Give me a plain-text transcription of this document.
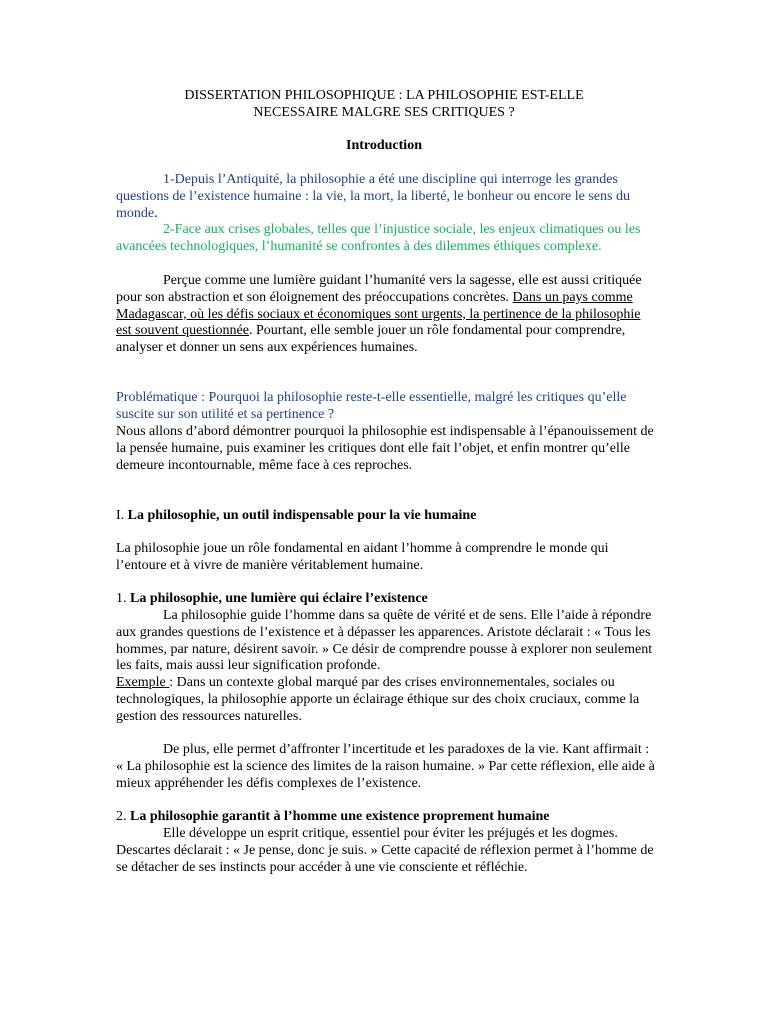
DISSERTATION PHILOSOPHIQUE : LA PHILOSOPHIE EST-ELLE
NECESSAIRE MALGRE SES CRITIQUES ?
Introduction

1-Depuis l’Antiquité, la philosophie a été une discipline qui interroge les grandes questions de l’existence humaine : la vie, la mort, la liberté, le bonheur ou encore le sens du monde.

2-Face aux crises globales, telles que l’injustice sociale, les enjeux climatiques ou les avancées technologiques, l’humanité se confrontes à des dilemmes éthiques complexe.

Perçue comme une lumière guidant l’humanité vers la sagesse, elle est aussi critiquée pour son abstraction et son éloignement des préoccupations concrètes. Dans un pays comme Madagascar, où les défis sociaux et économiques sont urgents, la pertinence de la philosophie est souvent questionnée. Pourtant, elle semble jouer un rôle fondamental pour comprendre, analyser et donner un sens aux expériences humaines.

Problématique : Pourquoi la philosophie reste-t-elle essentielle, malgré les critiques qu’elle suscite sur son utilité et sa pertinence ?

Nous allons d’abord démontrer pourquoi la philosophie est indispensable à l’épanouissement de la pensée humaine, puis examiner les critiques dont elle fait l’objet, et enfin montrer qu’elle demeure incontournable, même face à ces reproches.

I. La philosophie, un outil indispensable pour la vie humaine

La philosophie joue un rôle fondamental en aidant l’homme à comprendre le monde qui l’entoure et à vivre de manière véritablement humaine.

1. La philosophie, une lumière qui éclaire l’existence

La philosophie guide l’homme dans sa quête de vérité et de sens. Elle l’aide à répondre aux grandes questions de l’existence et à dépasser les apparences. Aristote déclarait : « Tous les hommes, par nature, désirent savoir. » Ce désir de comprendre pousse à explorer non seulement les faits, mais aussi leur signification profonde.
Exemple : Dans un contexte global marqué par des crises environnementales, sociales ou technologiques, la philosophie apporte un éclairage éthique sur des choix cruciaux, comme la gestion des ressources naturelles.

De plus, elle permet d’affronter l’incertitude et les paradoxes de la vie. Kant affirmait : « La philosophie est la science des limites de la raison humaine. » Par cette réflexion, elle aide à mieux appréhender les défis complexes de l’existence.

2. La philosophie garantit à l’homme une existence proprement humaine

Elle développe un esprit critique, essentiel pour éviter les préjugés et les dogmes. Descartes déclarait : « Je pense, donc je suis. » Cette capacité de réflexion permet à l’homme de se détacher de ses instincts pour accéder à une vie consciente et réfléchie.
